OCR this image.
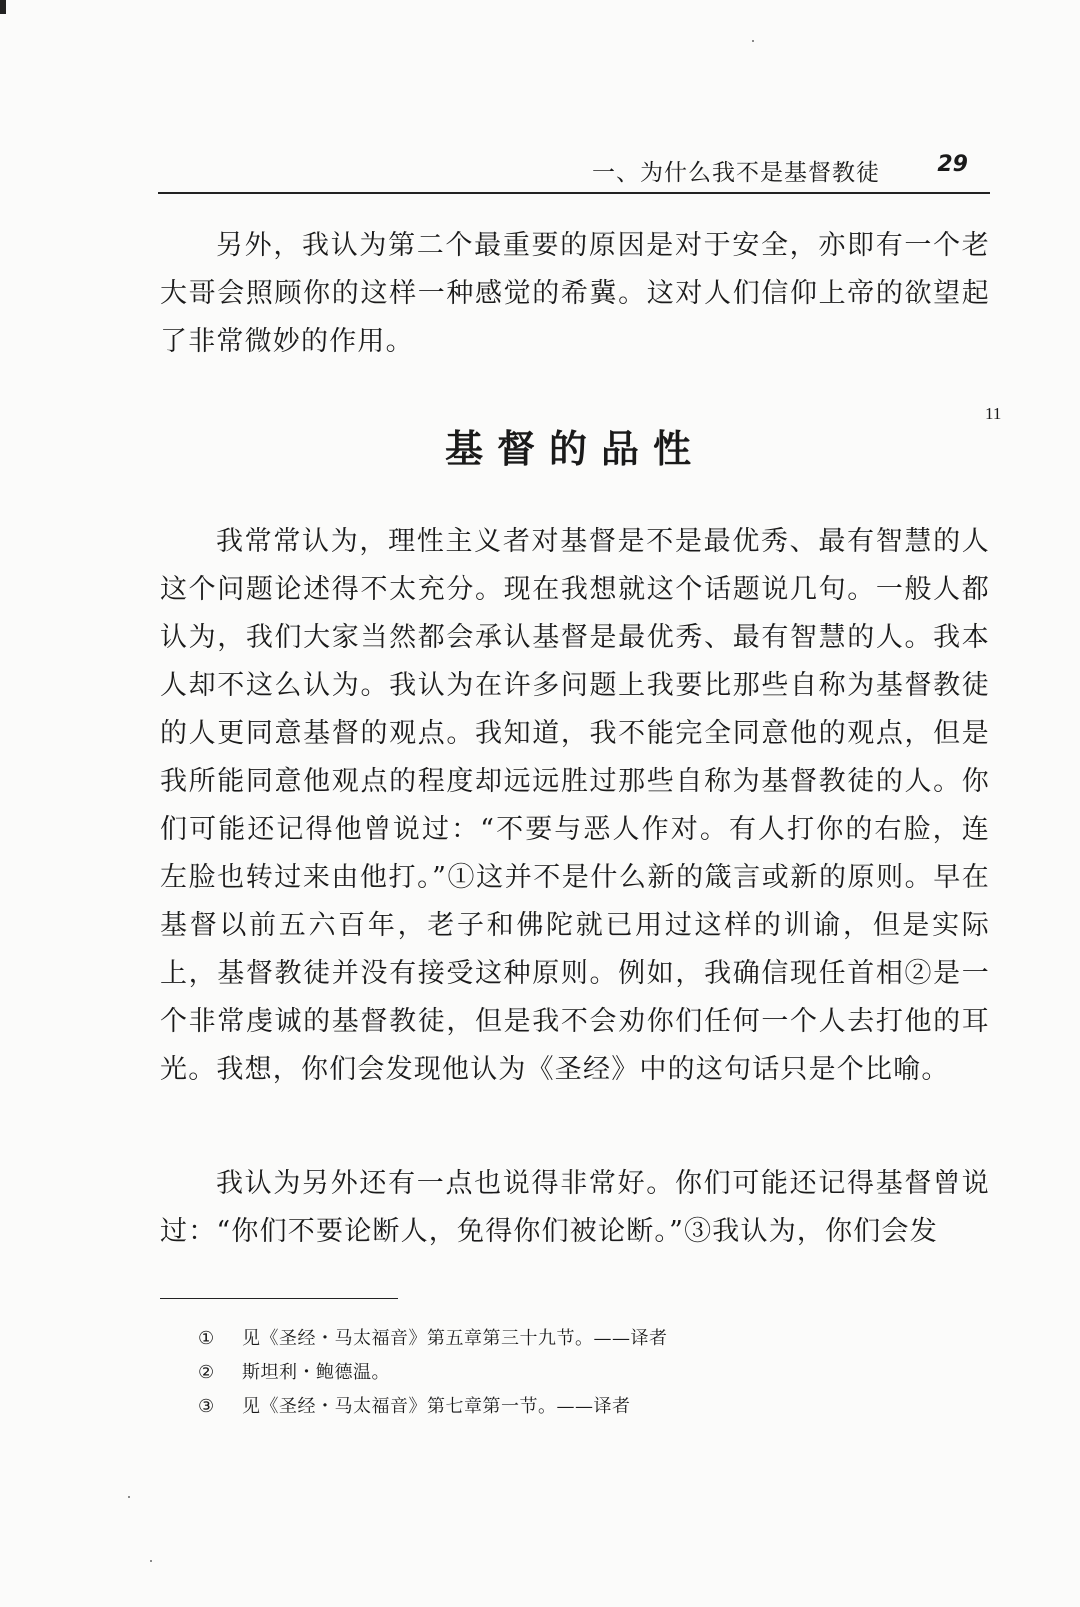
一、为什么我不是基督教徒	29

另外，我认为第二个最重要的原因是对于安全，亦即有一个老大哥会照顾你的这样一种感觉的希冀。这对人们信仰上帝的欲望起了非常微妙的作用。

基督的品性
11

我常常认为，理性主义者对基督是不是最优秀、最有智慧的人这个问题论述得不太充分。现在我想就这个话题说几句。一般人都认为，我们大家当然都会承认基督是最优秀、最有智慧的人。我本人却不这么认为。我认为在许多问题上我要比那些自称为基督教徒的人更同意基督的观点。我知道，我不能完全同意他的观点，但是我所能同意他观点的程度却远远胜过那些自称为基督教徒的人。你们可能还记得他曾说过：“不要与恶人作对。有人打你的右脸，连左脸也转过来由他打。”①这并不是什么新的箴言或新的原则。早在基督以前五六百年，老子和佛陀就已用过这样的训谕，但是实际上，基督教徒并没有接受这种原则。例如，我确信现任首相②是一个非常虔诚的基督教徒，但是我不会劝你们任何一个人去打他的耳光。我想，你们会发现他认为《圣经》中的这句话只是个比喻。

我认为另外还有一点也说得非常好。你们可能还记得基督曾说过：“你们不要论断人，免得你们被论断。”③我认为，你们会发

① 见《圣经・马太福音》第五章第三十九节。——译者
② 斯坦利・鲍德温。
③ 见《圣经・马太福音》第七章第一节。——译者
